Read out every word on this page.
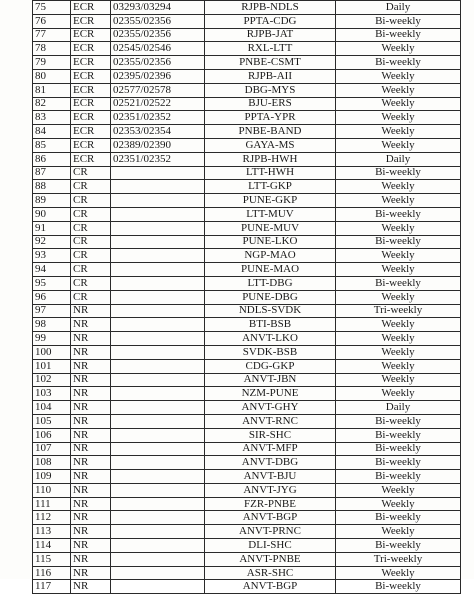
75	ECR	03293/03294	RJPB-NDLS	Daily
76	ECR	02355/02356	PPTA-CDG	Bi-weekly
77	ECR	02355/02356	RJPB-JAT	Bi-weekly
78	ECR	02545/02546	RXL-LTT	Weekly
79	ECR	02355/02356	PNBE-CSMT	Bi-weekly
80	ECR	02395/02396	RJPB-AII	Weekly
81	ECR	02577/02578	DBG-MYS	Weekly
82	ECR	02521/02522	BJU-ERS	Weekly
83	ECR	02351/02352	PPTA-YPR	Weekly
84	ECR	02353/02354	PNBE-BAND	Weekly
85	ECR	02389/02390	GAYA-MS	Weekly
86	ECR	02351/02352	RJPB-HWH	Daily
87	CR		LTT-HWH	Bi-weekly
88	CR		LTT-GKP	Weekly
89	CR		PUNE-GKP	Weekly
90	CR		LTT-MUV	Bi-weekly
91	CR		PUNE-MUV	Weekly
92	CR		PUNE-LKO	Bi-weekly
93	CR		NGP-MAO	Weekly
94	CR		PUNE-MAO	Weekly
95	CR		LTT-DBG	Bi-weekly
96	CR		PUNE-DBG	Weekly
97	NR		NDLS-SVDK	Tri-weekly
98	NR		BTI-BSB	Weekly
99	NR		ANVT-LKO	Weekly
100	NR		SVDK-BSB	Weekly
101	NR		CDG-GKP	Weekly
102	NR		ANVT-JBN	Weekly
103	NR		NZM-PUNE	Weekly
104	NR		ANVT-GHY	Daily
105	NR		ANVT-RNC	Bi-weekly
106	NR		SIR-SHC	Bi-weekly
107	NR		ANVT-MFP	Bi-weekly
108	NR		ANVT-DBG	Bi-weekly
109	NR		ANVT-BJU	Bi-weekly
110	NR		ANVT-JYG	Weekly
111	NR		FZR-PNBE	Weekly
112	NR		ANVT-BGP	Bi-weekly
113	NR		ANVT-PRNC	Weekly
114	NR		DLI-SHC	Bi-weekly
115	NR		ANVT-PNBE	Tri-weekly
116	NR		ASR-SHC	Weekly
117	NR		ANVT-BGP	Bi-weekly
